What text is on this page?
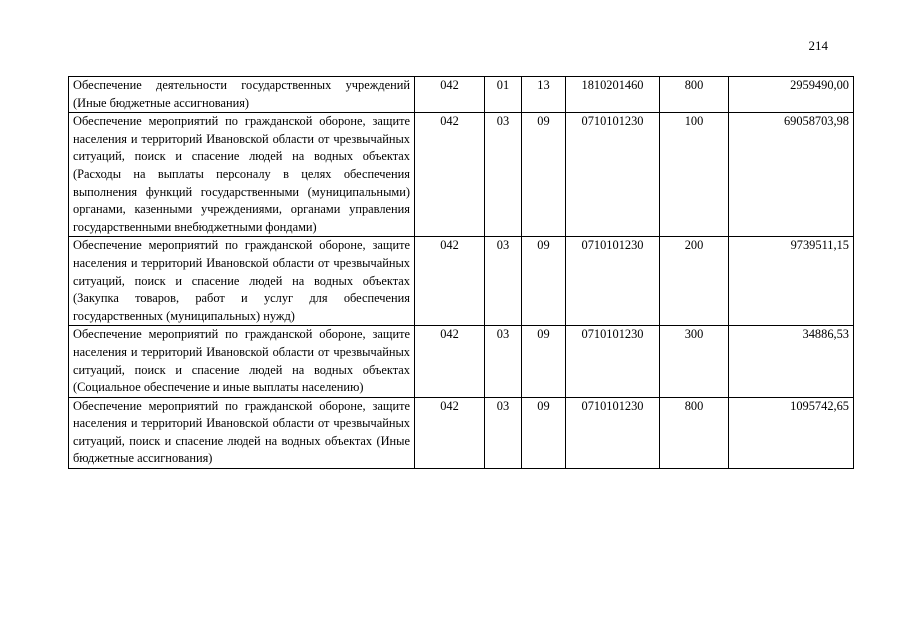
214
Обеспечение деятельности государственных учреждений (Иные бюджетные ассигнования)	042	01	13	1810201460	800	2959490,00
Обеспечение мероприятий по гражданской обороне, защите населения и территорий Ивановской области от чрезвычайных ситуаций, поиск и спасение людей на водных объектах (Расходы на выплаты персоналу в целях обеспечения выполнения функций государственными (муниципальными) органами, казенными учреждениями, органами управления государственными внебюджетными фондами)	042	03	09	0710101230	100	69058703,98
Обеспечение мероприятий по гражданской обороне, защите населения и территорий Ивановской области от чрезвычайных ситуаций, поиск и спасение людей на водных объектах (Закупка товаров, работ и услуг для обеспечения государственных (муниципальных) нужд)	042	03	09	0710101230	200	9739511,15
Обеспечение мероприятий по гражданской обороне, защите населения и территорий Ивановской области от чрезвычайных ситуаций, поиск и спасение людей на водных объектах (Социальное обеспечение и иные выплаты населению)	042	03	09	0710101230	300	34886,53
Обеспечение мероприятий по гражданской обороне, защите населения и территорий Ивановской области от чрезвычайных ситуаций, поиск и спасение людей на водных объектах (Иные бюджетные ассигнования)	042	03	09	0710101230	800	1095742,65
